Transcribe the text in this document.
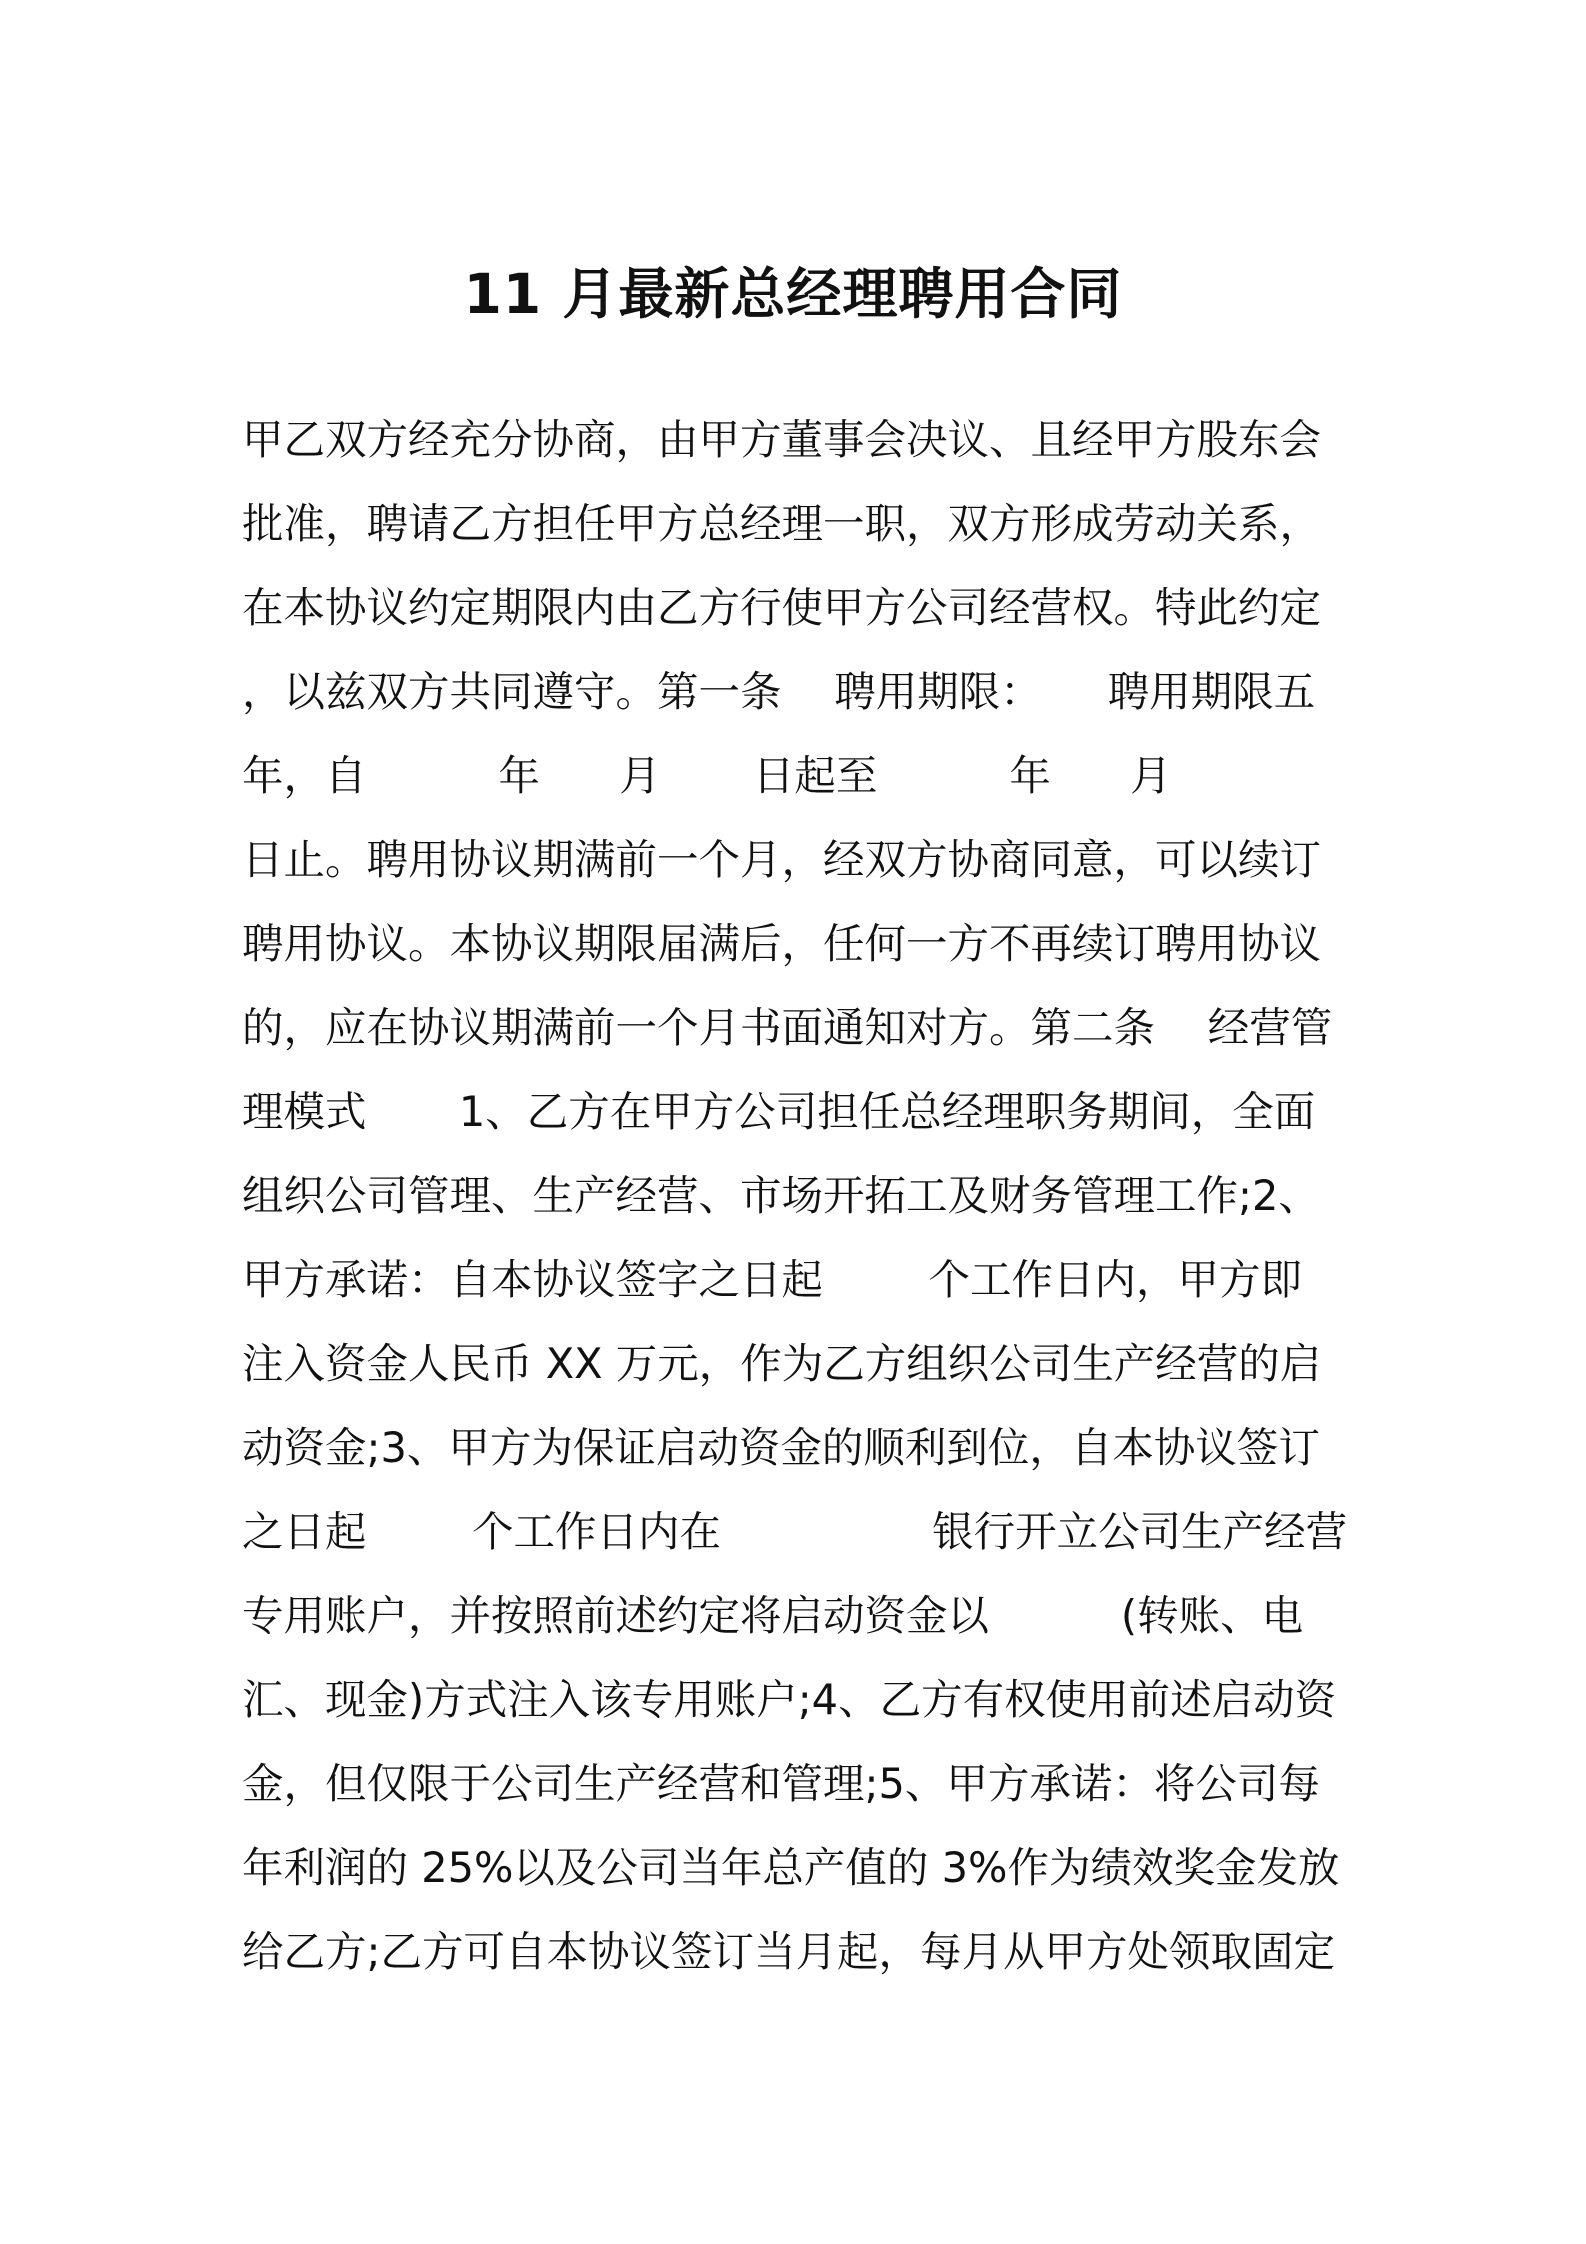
11 月最新总经理聘用合同
甲乙双方经充分协商，由甲方董事会决议、且经甲方股东会
批准，聘请乙方担任甲方总经理一职，双方形成劳动关系，
在本协议约定期限内由乙方行使甲方公司经营权。特此约定
，以兹双方共同遵守。第一条    聘用期限：     聘用期限五
年，自          年      月       日起至          年      月
日止。聘用协议期满前一个月，经双方协商同意，可以续订
聘用协议。本协议期限届满后，任何一方不再续订聘用协议
的，应在协议期满前一个月书面通知对方。第二条    经营管
理模式       1、乙方在甲方公司担任总经理职务期间，全面
组织公司管理、生产经营、市场开拓工及财务管理工作;2、
甲方承诺：自本协议签字之日起        个工作日内，甲方即
注入资金人民币 XX 万元，作为乙方组织公司生产经营的启
动资金;3、甲方为保证启动资金的顺利到位，自本协议签订
之日起        个工作日内在                银行开立公司生产经营
专用账户，并按照前述约定将启动资金以          (转账、电
汇、现金)方式注入该专用账户;4、乙方有权使用前述启动资
金，但仅限于公司生产经营和管理;5、甲方承诺：将公司每
年利润的 25%以及公司当年总产值的 3%作为绩效奖金发放
给乙方;乙方可自本协议签订当月起，每月从甲方处领取固定
